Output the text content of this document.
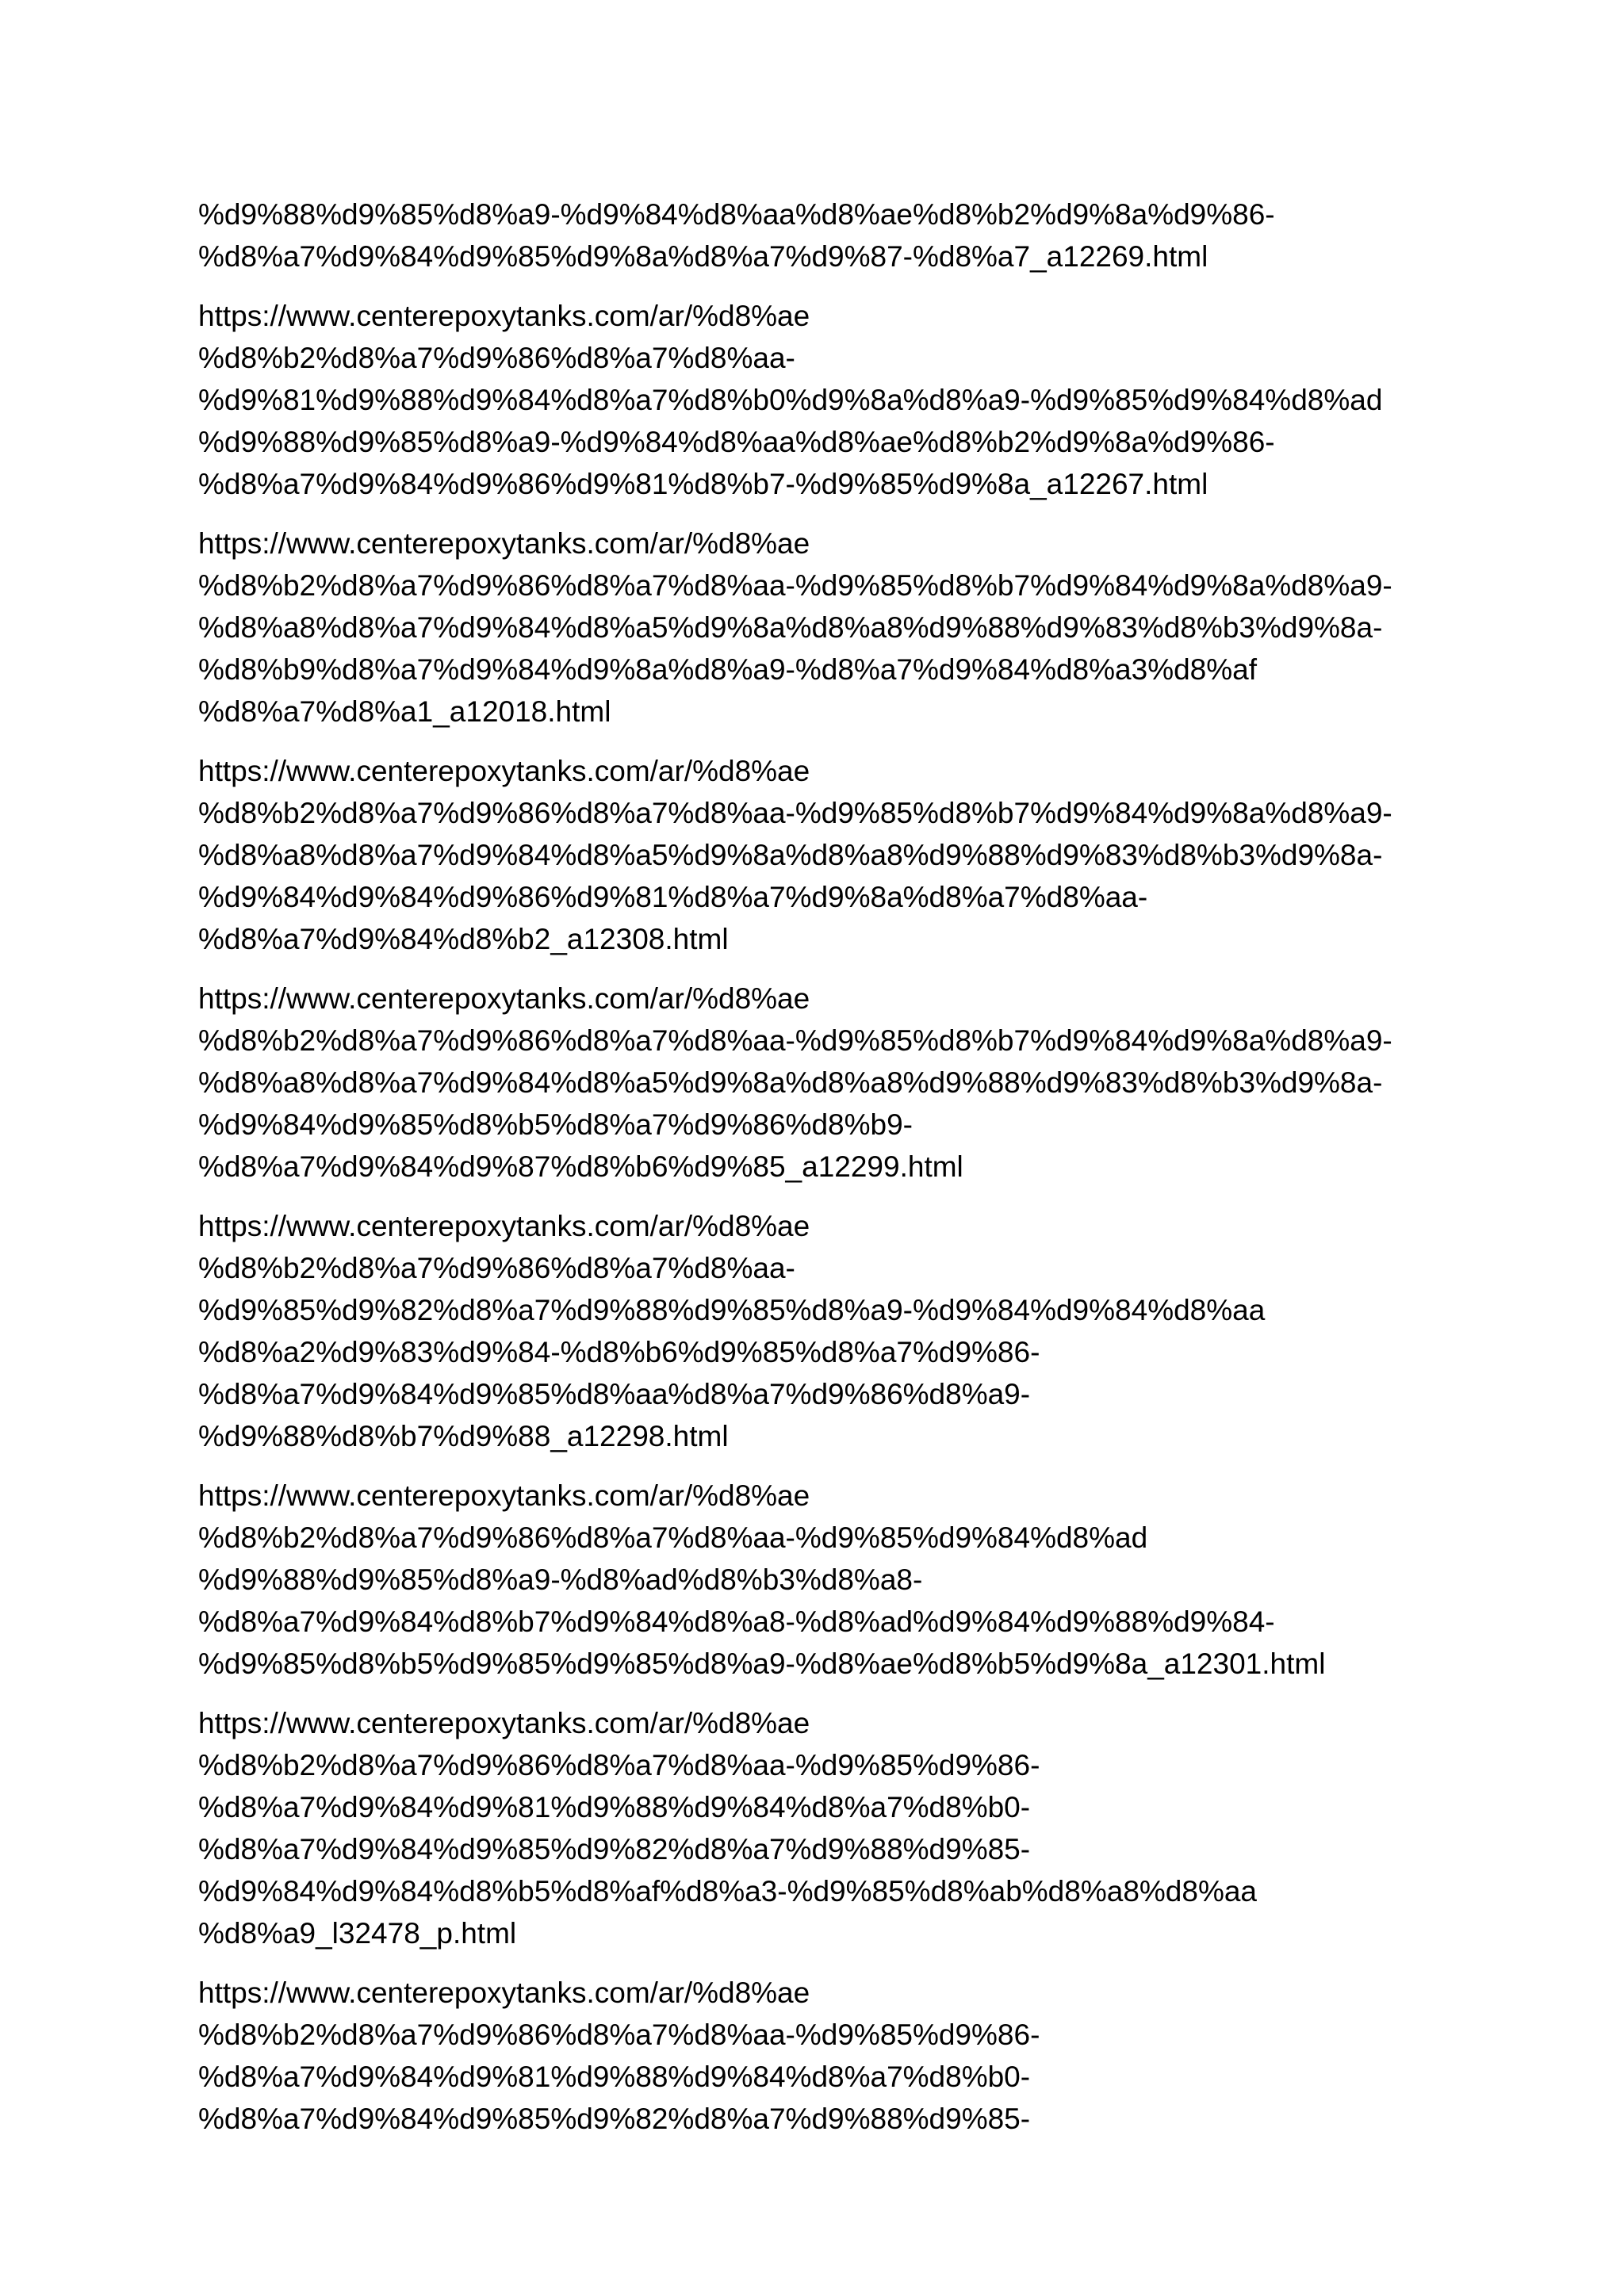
%d9%88%d9%85%d8%a9-%d9%84%d8%aa%d8%ae%d8%b2%d9%8a%d9%86-
%d8%a7%d9%84%d9%85%d9%8a%d8%a7%d9%87-%d8%a7_a12269.html
https://www.centerepoxytanks.com/ar/%d8%ae
%d8%b2%d8%a7%d9%86%d8%a7%d8%aa-
%d9%81%d9%88%d9%84%d8%a7%d8%b0%d9%8a%d8%a9-%d9%85%d9%84%d8%ad
%d9%88%d9%85%d8%a9-%d9%84%d8%aa%d8%ae%d8%b2%d9%8a%d9%86-
%d8%a7%d9%84%d9%86%d9%81%d8%b7-%d9%85%d9%8a_a12267.html
https://www.centerepoxytanks.com/ar/%d8%ae
%d8%b2%d8%a7%d9%86%d8%a7%d8%aa-%d9%85%d8%b7%d9%84%d9%8a%d8%a9-
%d8%a8%d8%a7%d9%84%d8%a5%d9%8a%d8%a8%d9%88%d9%83%d8%b3%d9%8a-
%d8%b9%d8%a7%d9%84%d9%8a%d8%a9-%d8%a7%d9%84%d8%a3%d8%af
%d8%a7%d8%a1_a12018.html
https://www.centerepoxytanks.com/ar/%d8%ae
%d8%b2%d8%a7%d9%86%d8%a7%d8%aa-%d9%85%d8%b7%d9%84%d9%8a%d8%a9-
%d8%a8%d8%a7%d9%84%d8%a5%d9%8a%d8%a8%d9%88%d9%83%d8%b3%d9%8a-
%d9%84%d9%84%d9%86%d9%81%d8%a7%d9%8a%d8%a7%d8%aa-
%d8%a7%d9%84%d8%b2_a12308.html
https://www.centerepoxytanks.com/ar/%d8%ae
%d8%b2%d8%a7%d9%86%d8%a7%d8%aa-%d9%85%d8%b7%d9%84%d9%8a%d8%a9-
%d8%a8%d8%a7%d9%84%d8%a5%d9%8a%d8%a8%d9%88%d9%83%d8%b3%d9%8a-
%d9%84%d9%85%d8%b5%d8%a7%d9%86%d8%b9-
%d8%a7%d9%84%d9%87%d8%b6%d9%85_a12299.html
https://www.centerepoxytanks.com/ar/%d8%ae
%d8%b2%d8%a7%d9%86%d8%a7%d8%aa-
%d9%85%d9%82%d8%a7%d9%88%d9%85%d8%a9-%d9%84%d9%84%d8%aa
%d8%a2%d9%83%d9%84-%d8%b6%d9%85%d8%a7%d9%86-
%d8%a7%d9%84%d9%85%d8%aa%d8%a7%d9%86%d8%a9-
%d9%88%d8%b7%d9%88_a12298.html
https://www.centerepoxytanks.com/ar/%d8%ae
%d8%b2%d8%a7%d9%86%d8%a7%d8%aa-%d9%85%d9%84%d8%ad
%d9%88%d9%85%d8%a9-%d8%ad%d8%b3%d8%a8-
%d8%a7%d9%84%d8%b7%d9%84%d8%a8-%d8%ad%d9%84%d9%88%d9%84-
%d9%85%d8%b5%d9%85%d9%85%d8%a9-%d8%ae%d8%b5%d9%8a_a12301.html
https://www.centerepoxytanks.com/ar/%d8%ae
%d8%b2%d8%a7%d9%86%d8%a7%d8%aa-%d9%85%d9%86-
%d8%a7%d9%84%d9%81%d9%88%d9%84%d8%a7%d8%b0-
%d8%a7%d9%84%d9%85%d9%82%d8%a7%d9%88%d9%85-
%d9%84%d9%84%d8%b5%d8%af%d8%a3-%d9%85%d8%ab%d8%a8%d8%aa
%d8%a9_l32478_p.html
https://www.centerepoxytanks.com/ar/%d8%ae
%d8%b2%d8%a7%d9%86%d8%a7%d8%aa-%d9%85%d9%86-
%d8%a7%d9%84%d9%81%d9%88%d9%84%d8%a7%d8%b0-
%d8%a7%d9%84%d9%85%d9%82%d8%a7%d9%88%d9%85-
